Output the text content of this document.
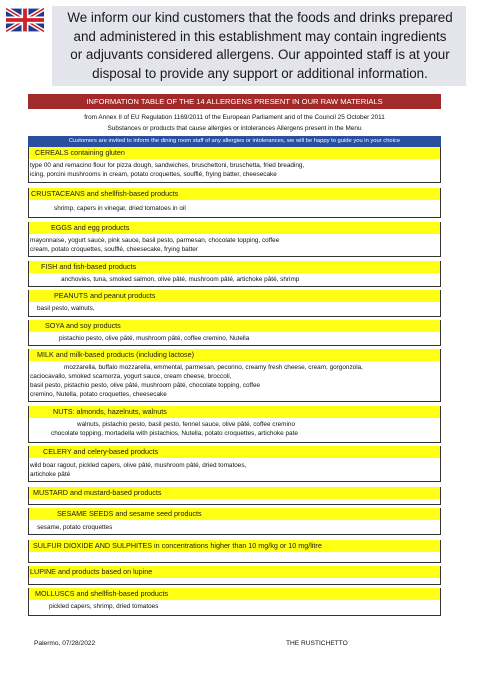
We inform our kind customers that the foods and drinks prepared
and administered in this establishment may contain ingredients
or adjuvants considered allergens. Our appointed staff is at your
disposal to provide any support or additional information.
INFORMATION TABLE OF THE 14 ALLERGENS PRESENT IN OUR RAW MATERIALS
from Annex II of EU Regulation 1169/2011 of the European Parliament and of the Council 25 October 2011
Substances or products that cause allergies or intolerances Allergens present in the Menu
Customers are invited to inform the dining room staff of any allergies or intolerances, we will be happy to guide you in your choice
CEREALS containing gluten
type 00 and remacino flour for pizza dough, sandwiches, bruschettoni, bruschetta, fried breading,
icing, porcini mushrooms in cream, potato croquettes, soufflé, frying batter, cheesecake
CRUSTACEANS and shellfish-based products
shrimp, capers in vinegar, dried tomatoes in oil
EGGS and egg products
mayonnaise, yogurt sauce, pink sauce, basil pesto, parmesan, chocolate topping, coffee
cream, potato croquettes, soufflé, cheesecake, frying batter
FISH and fish-based products
anchovies, tuna, smoked salmon, olive pâté, mushroom pâté, artichoke pâté, shrimp
PEANUTS and peanut products
basil pesto, walnuts,
SOYA and soy products
pistachio pesto, olive pâté, mushroom pâté, coffee cremino, Nutella
MILK and milk-based products (including lactose)
mozzarella, buffalo mozzarella, emmental, parmesan, pecorino, creamy fresh cheese, cream, gorgonzola,
caciocavallo, smoked scamorza, yogurt sauce, cream cheese, broccoli,
basil pesto, pistachio pesto, olive pâté, mushroom pâté, chocolate topping, coffee
cremino, Nutella, potato croquettes, cheesecake
NUTS: almonds, hazelnuts, walnuts
walnuts, pistachio pesto, basil pesto, fennel sauce, olive pâté, coffee cremino
chocolate topping, mortadella with pistachios, Nutella, potato croquettes, artichoke pate
CELERY and celery-based products
wild boar ragout, pickled capers, olive pâté, mushroom pâté, dried tomatoes,
artichoke pâté
MUSTARD and mustard-based products
SESAME SEEDS and sesame seed products
sesame, potato croquettes
SULFUR DIOXIDE AND SULPHITES in concentrations higher than 10 mg/kg or 10 mg/litre
LUPINE and products based on lupine
MOLLUSCS and shellfish-based products
pickled capers, shrimp, dried tomatoes
Palermo, 07/28/2022	THE RUSTICHETTO
